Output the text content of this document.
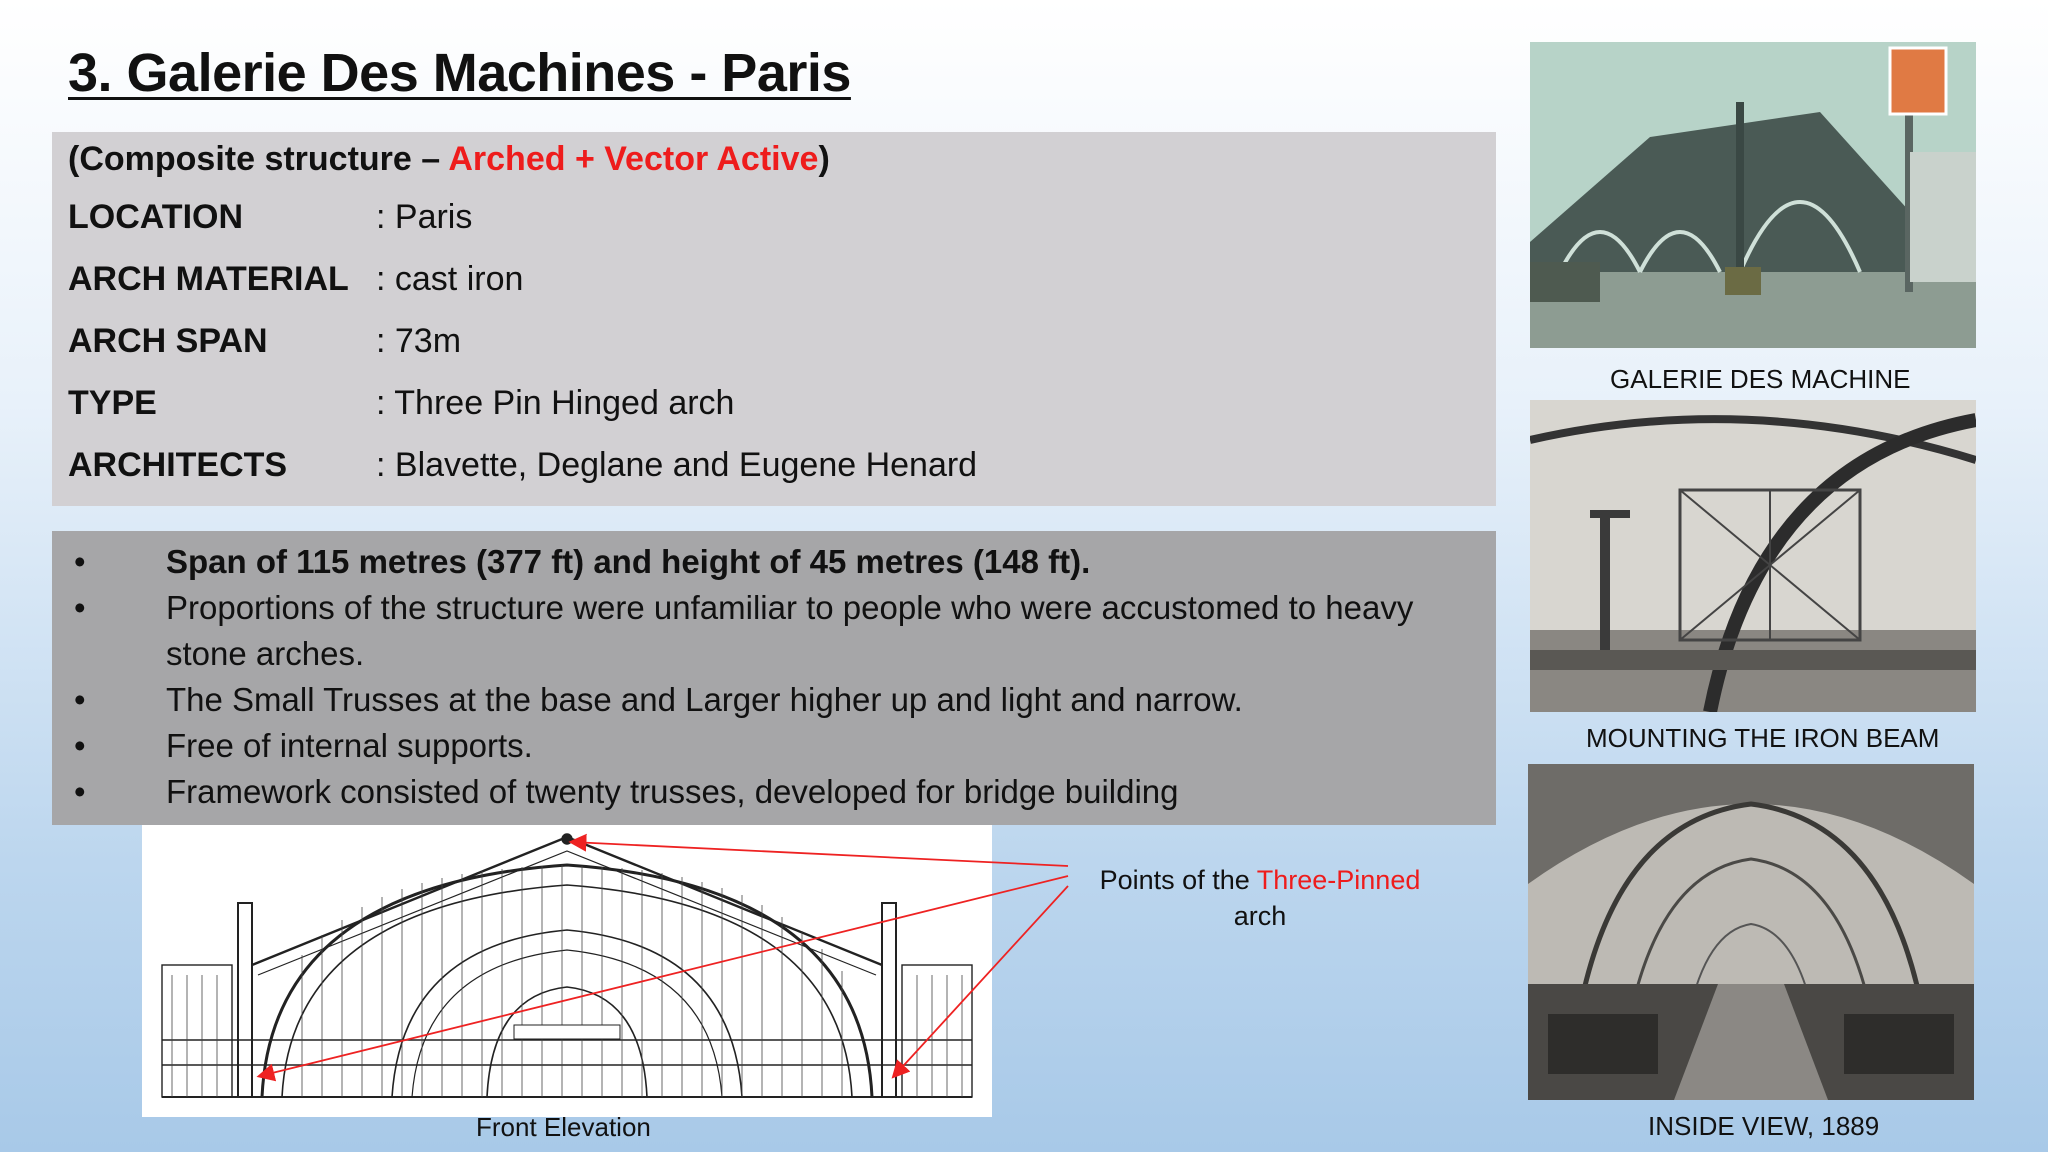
3. Galerie Des Machines - Paris
(Composite structure – Arched + Vector Active)
LOCATION	: Paris
ARCH MATERIAL : cast iron
ARCH SPAN	: 73m
TYPE	: Three Pin Hinged arch
ARCHITECTS	: Blavette, Deglane and Eugene Henard
• Span of 115 metres (377 ft) and height of 45 metres (148 ft).
• Proportions of the structure were unfamiliar to people who were accustomed to heavy stone arches.
• The Small Trusses at the base and Larger higher up and light and narrow.
• Free of internal supports.
• Framework consisted of twenty trusses, developed for bridge building
Front Elevation
Points of the Three-Pinned
arch
GALERIE DES MACHINE
MOUNTING THE IRON BEAM
INSIDE VIEW, 1889
